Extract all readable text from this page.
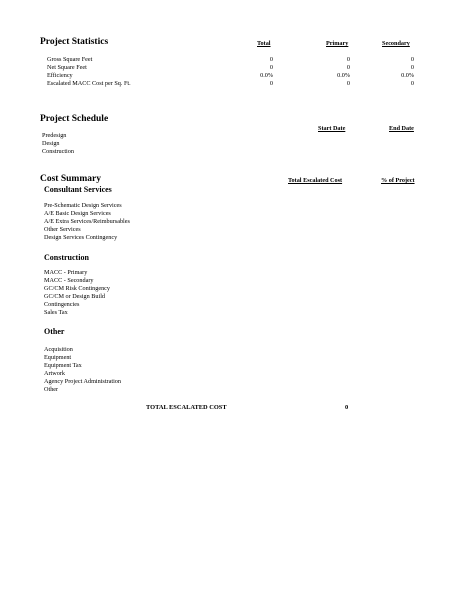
Project Statistics	Total	Primary	Secondary
Gross Square Feet	0	0	0
Net Square Feet	0	0	0
Efficiency	0.0%	0.0%	0.0%
Escalated MACC Cost per Sq. Ft.	0	0	0
Project Schedule
Start Date	End Date
Predesign
Design
Construction
Cost Summary	Total Escalated Cost	% of Project
Consultant Services
Pre-Schematic Design Services
A/E Basic Design Services
A/E Extra Services/Reimbursables
Other Services
Design Services Contingency
Construction
MACC - Primary
MACC - Secondary
GC/CM Risk Contingency
GC/CM or Design Build
Contingencies
Sales Tax
Other
Acquisition
Equipment
Equipment Tax
Artwork
Agency Project Administration
Other
TOTAL ESCALATED COST	0
